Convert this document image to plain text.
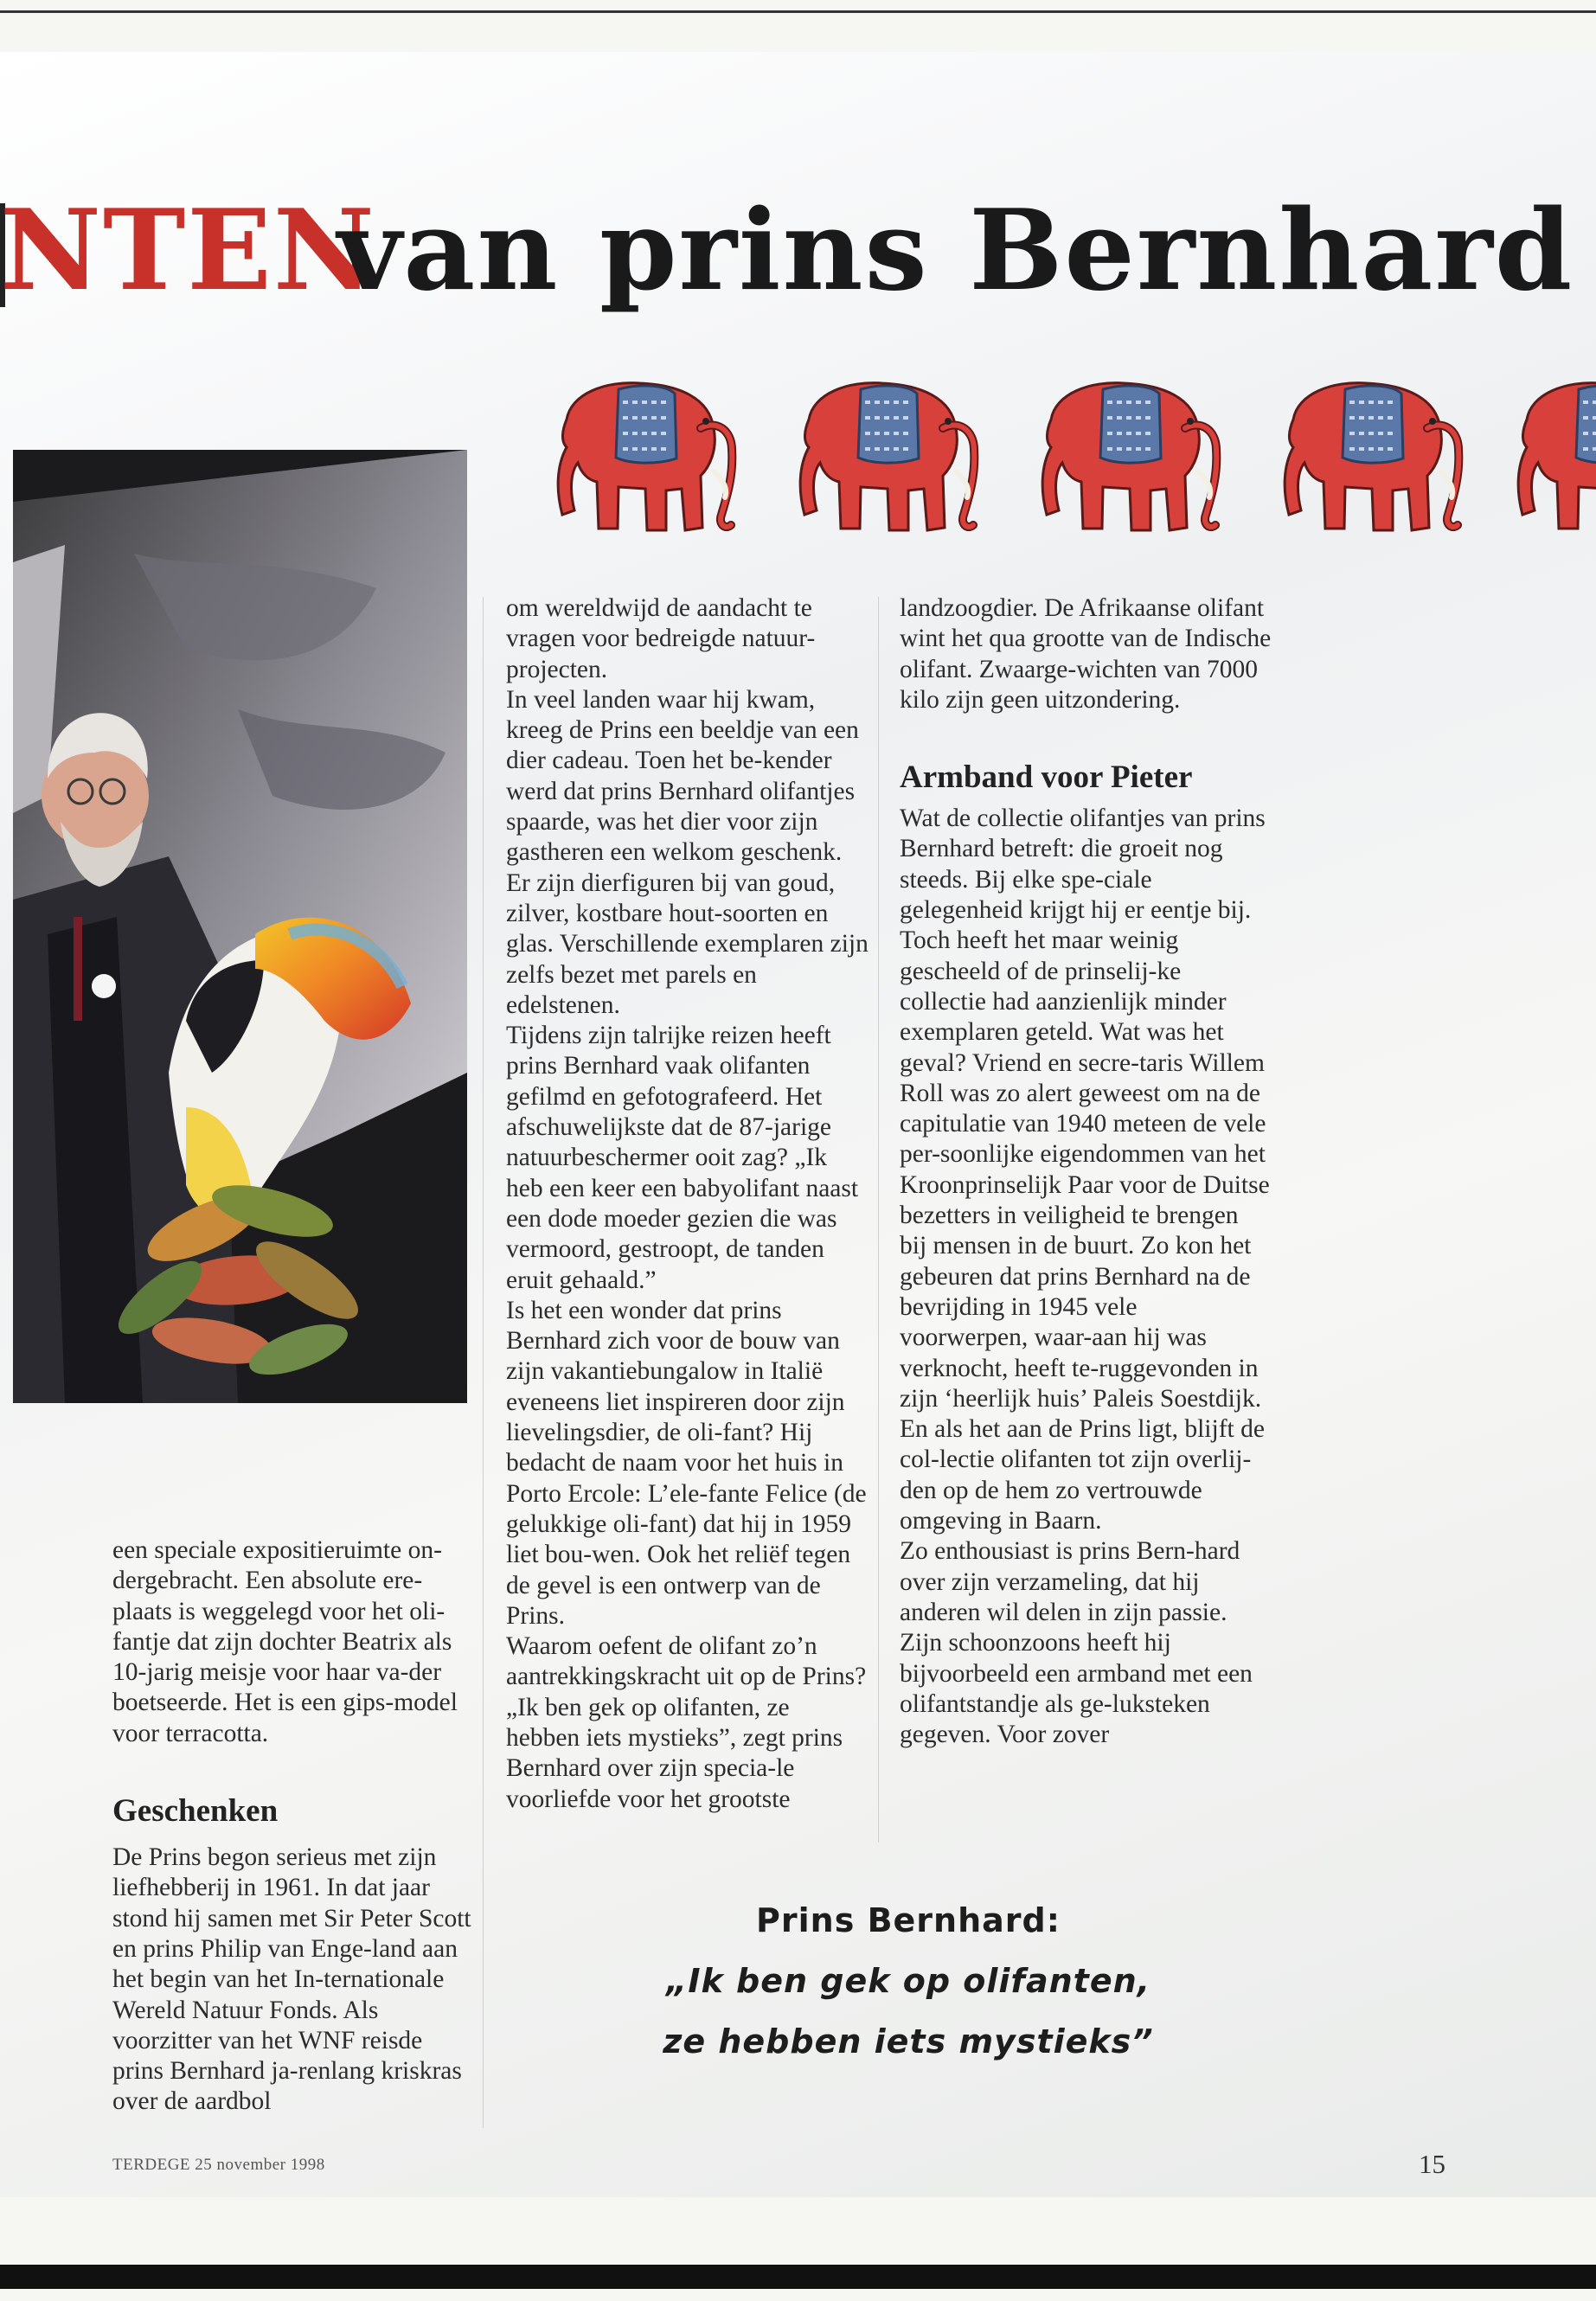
NTEN
van prins Bernhard

een speciale expositieruimte on-dergebracht. Een absolute ere-plaats is weggelegd voor het oli-fantje dat zijn dochter Beatrix als 10-jarig meisje voor haar va-der boetseerde. Het is een gips-model voor terracotta.

Geschenken

De Prins begon serieus met zijn liefhebberij in 1961. In dat jaar stond hij samen met Sir Peter Scott en prins Philip van Enge-land aan het begin van het In-ternationale Wereld Natuur Fonds. Als voorzitter van het WNF reisde prins Bernhard ja-renlang kriskras over de aardbol

om wereldwijd de aandacht te vragen voor bedreigde natuur-projecten.

In veel landen waar hij kwam, kreeg de Prins een beeldje van een dier cadeau. Toen het be-kender werd dat prins Bernhard olifantjes spaarde, was het dier voor zijn gastheren een welkom geschenk. Er zijn dierfiguren bij van goud, zilver, kostbare hout-soorten en glas. Verschillende exemplaren zijn zelfs bezet met parels en edelstenen.

Tijdens zijn talrijke reizen heeft prins Bernhard vaak olifanten gefilmd en gefotografeerd. Het afschuwelijkste dat de 87-jarige natuurbeschermer ooit zag? „Ik heb een keer een babyolifant naast een dode moeder gezien die was vermoord, gestroopt, de tanden eruit gehaald.”

Is het een wonder dat prins Bernhard zich voor de bouw van zijn vakantiebungalow in Italië eveneens liet inspireren door zijn lievelingsdier, de oli-fant? Hij bedacht de naam voor het huis in Porto Ercole: L’ele-fante Felice (de gelukkige oli-fant) dat hij in 1959 liet bou-wen. Ook het reliëf tegen de gevel is een ontwerp van de Prins.

Waarom oefent de olifant zo’n aantrekkingskracht uit op de Prins? „Ik ben gek op olifanten, ze hebben iets mystieks”, zegt prins Bernhard over zijn specia-le voorliefde voor het grootste

landzoogdier. De Afrikaanse olifant wint het qua grootte van de Indische olifant. Zwaarge-wichten van 7000 kilo zijn geen uitzondering.

Armband voor Pieter

Wat de collectie olifantjes van prins Bernhard betreft: die groeit nog steeds. Bij elke spe-ciale gelegenheid krijgt hij er eentje bij. Toch heeft het maar weinig gescheeld of de prinselij-ke collectie had aanzienlijk minder exemplaren geteld. Wat was het geval? Vriend en secre-taris Willem Roll was zo alert geweest om na de capitulatie van 1940 meteen de vele per-soonlijke eigendommen van het Kroonprinselijk Paar voor de Duitse bezetters in veiligheid te brengen bij mensen in de buurt. Zo kon het gebeuren dat prins Bernhard na de bevrijding in 1945 vele voorwerpen, waar-aan hij was verknocht, heeft te-ruggevonden in zijn ‘heerlijk huis’ Paleis Soestdijk. En als het aan de Prins ligt, blijft de col-lectie olifanten tot zijn overlij-den op de hem zo vertrouwde omgeving in Baarn.

Zo enthousiast is prins Bern-hard over zijn verzameling, dat hij anderen wil delen in zijn passie. Zijn schoonzoons heeft hij bijvoorbeeld een armband met een olifantstandje als ge-luksteken gegeven. Voor zover

Prins Bernhard:
„Ik ben gek op olifanten,
ze hebben iets mystieks”
TERDEGE 25 november 1998	15
